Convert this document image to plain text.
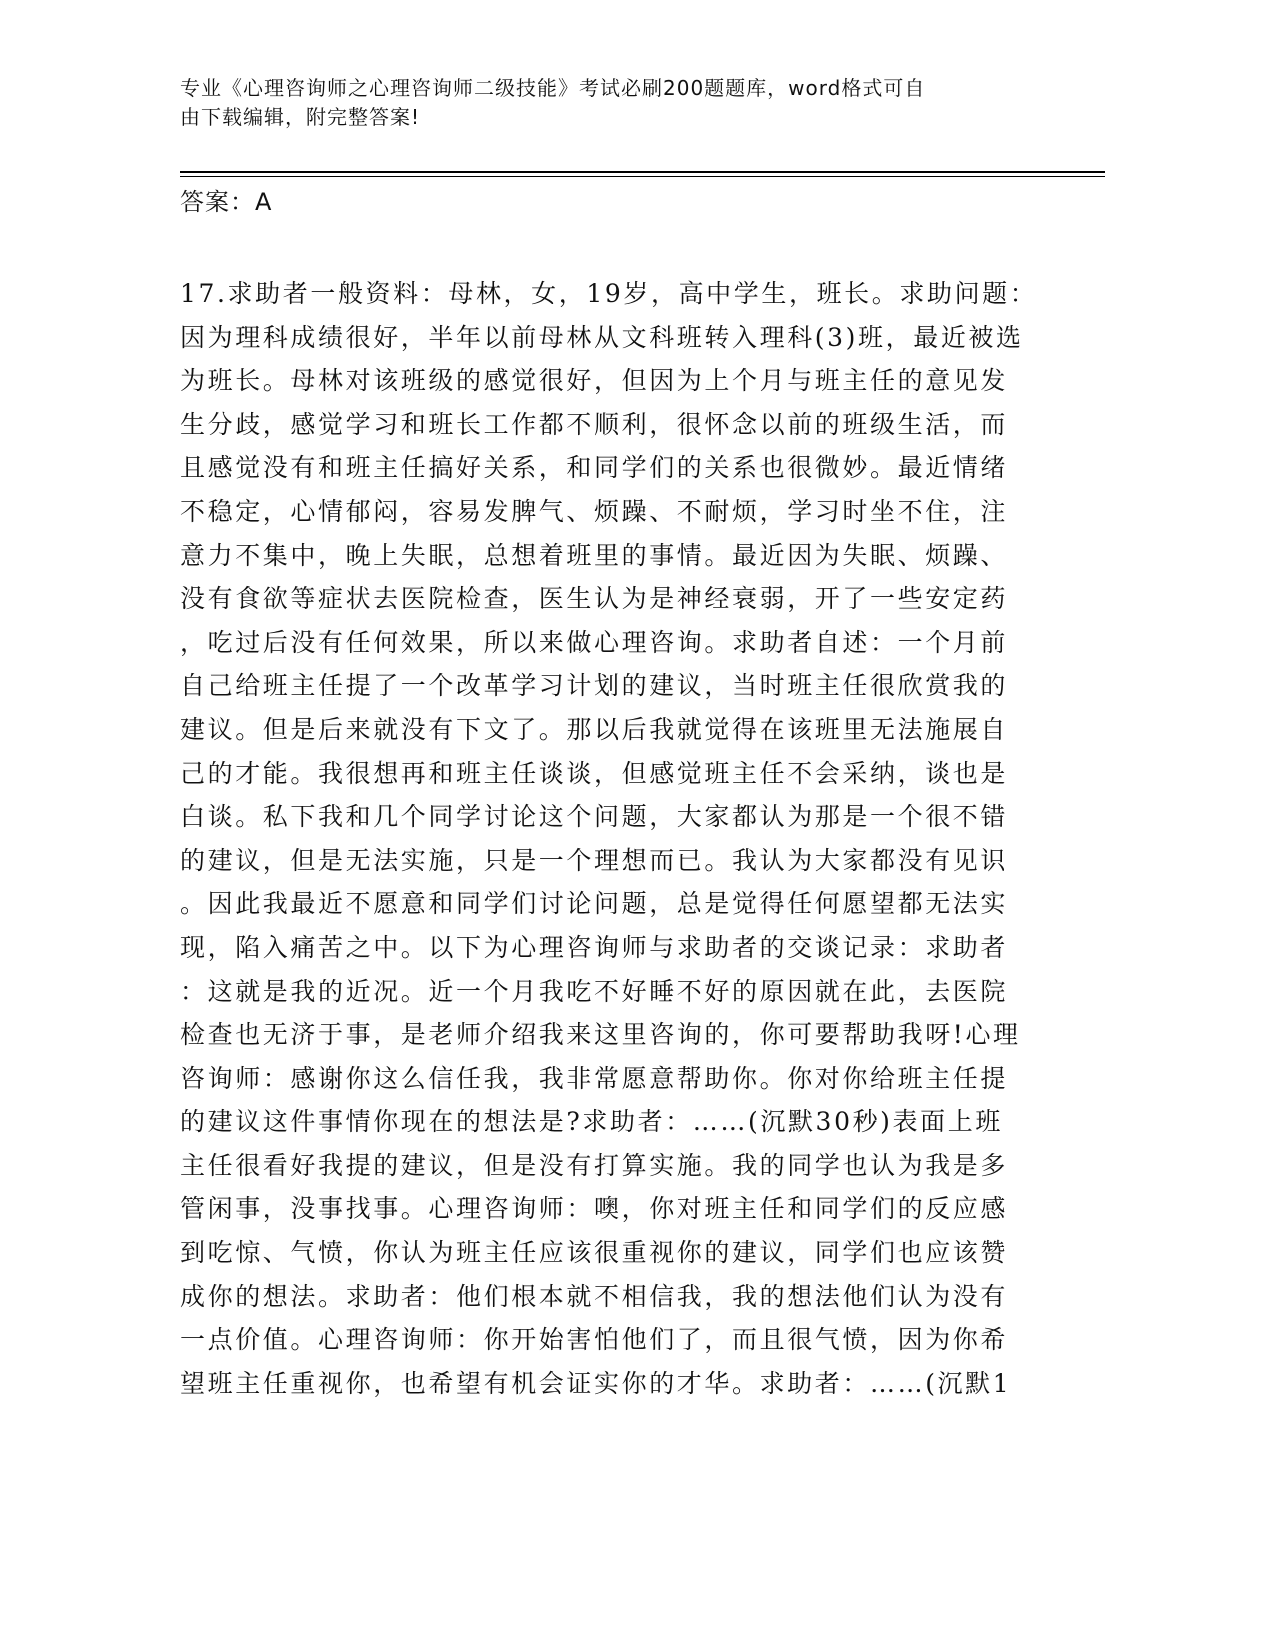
专业《心理咨询师之心理咨询师二级技能》考试必刷200题题库，word格式可自
由下载编辑，附完整答案!
答案：A
17.求助者一般资料：母林，女，19岁，高中学生，班长。求助问题：
因为理科成绩很好，半年以前母林从文科班转入理科(3)班，最近被选
为班长。母林对该班级的感觉很好，但因为上个月与班主任的意见发
生分歧，感觉学习和班长工作都不顺利，很怀念以前的班级生活，而
且感觉没有和班主任搞好关系，和同学们的关系也很微妙。最近情绪
不稳定，心情郁闷，容易发脾气、烦躁、不耐烦，学习时坐不住，注
意力不集中，晚上失眠，总想着班里的事情。最近因为失眠、烦躁、
没有食欲等症状去医院检查，医生认为是神经衰弱，开了一些安定药
，吃过后没有任何效果，所以来做心理咨询。求助者自述：一个月前
自己给班主任提了一个改革学习计划的建议，当时班主任很欣赏我的
建议。但是后来就没有下文了。那以后我就觉得在该班里无法施展自
己的才能。我很想再和班主任谈谈，但感觉班主任不会采纳，谈也是
白谈。私下我和几个同学讨论这个问题，大家都认为那是一个很不错
的建议，但是无法实施，只是一个理想而已。我认为大家都没有见识
。因此我最近不愿意和同学们讨论问题，总是觉得任何愿望都无法实
现，陷入痛苦之中。以下为心理咨询师与求助者的交谈记录：求助者
：这就是我的近况。近一个月我吃不好睡不好的原因就在此，去医院
检查也无济于事，是老师介绍我来这里咨询的，你可要帮助我呀!心理
咨询师：感谢你这么信任我，我非常愿意帮助你。你对你给班主任提
的建议这件事情你现在的想法是?求助者：……(沉默30秒)表面上班
主任很看好我提的建议，但是没有打算实施。我的同学也认为我是多
管闲事，没事找事。心理咨询师：噢，你对班主任和同学们的反应感
到吃惊、气愤，你认为班主任应该很重视你的建议，同学们也应该赞
成你的想法。求助者：他们根本就不相信我，我的想法他们认为没有
一点价值。心理咨询师：你开始害怕他们了，而且很气愤，因为你希
望班主任重视你，也希望有机会证实你的才华。求助者：……(沉默1
